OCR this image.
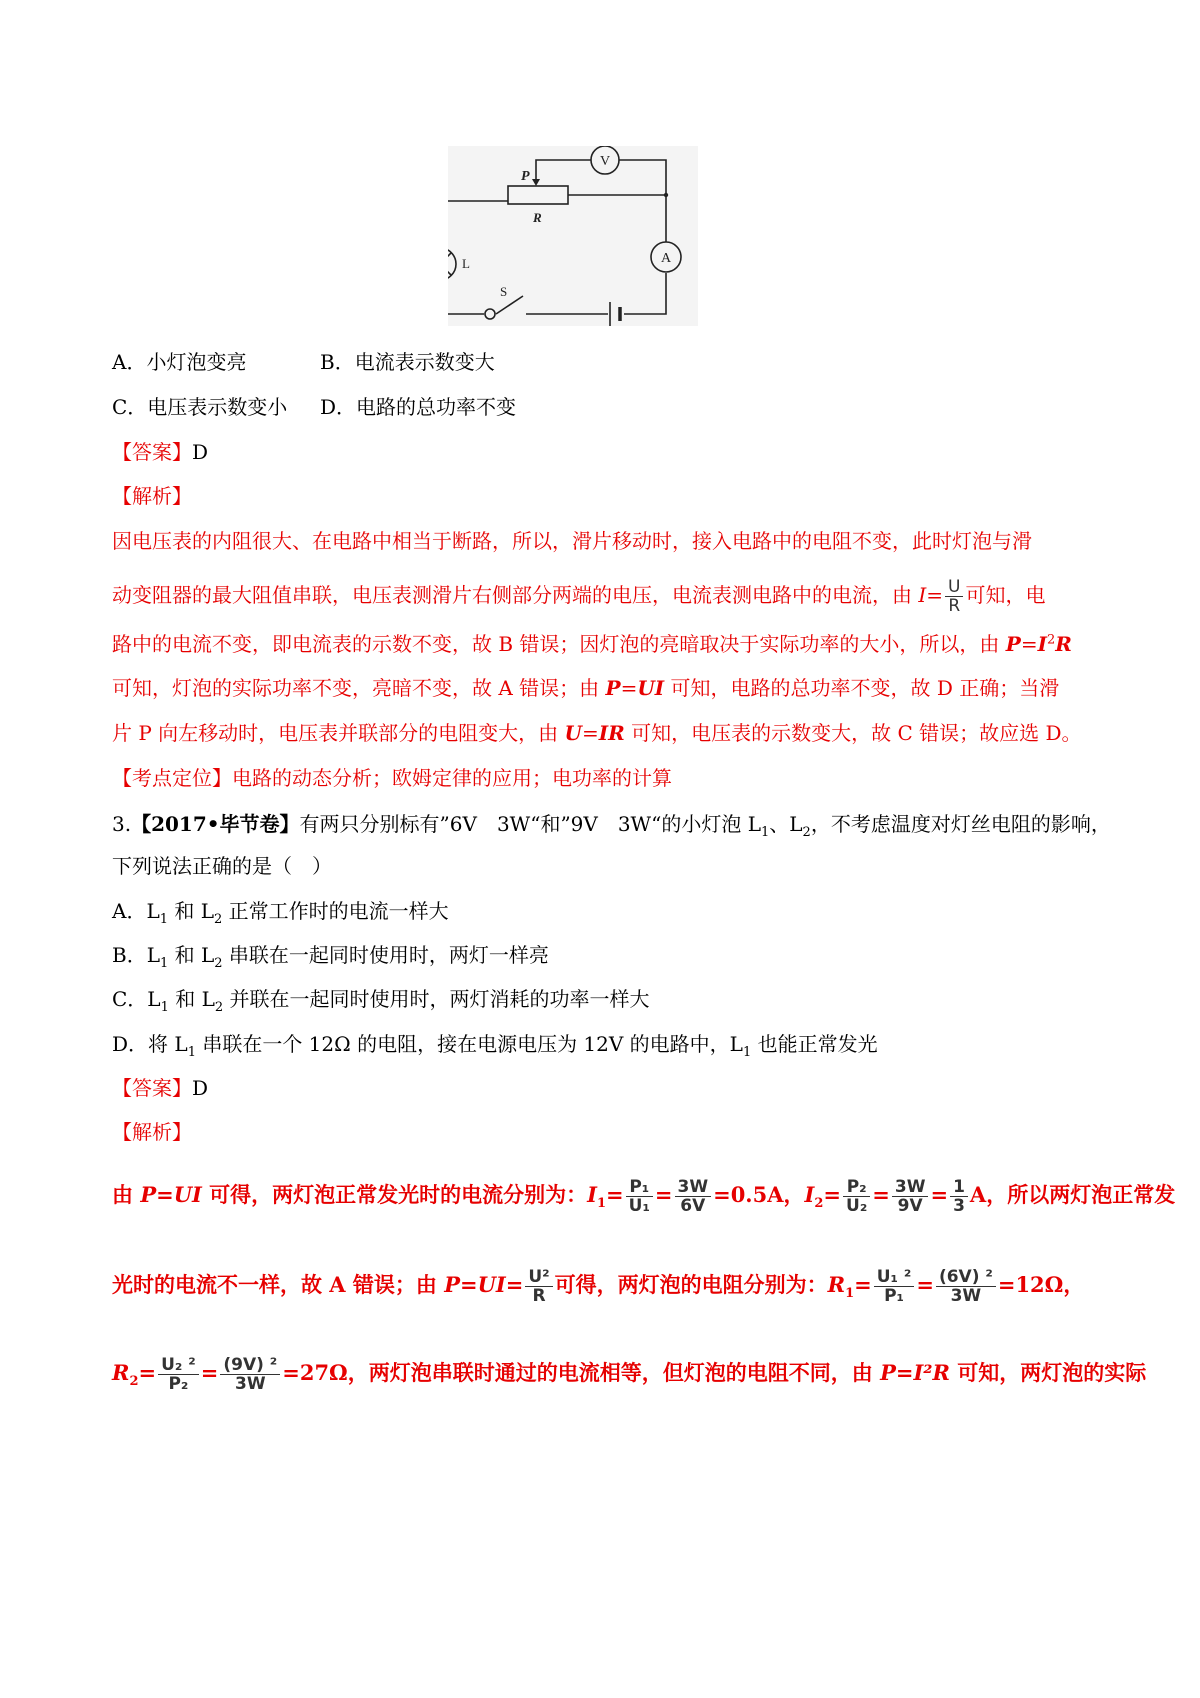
V
A
L
S
P
R
A．小灯泡变亮	B．电流表示数变大
C．电压表示数变小 D．电路的总功率不变
【答案】D
【解析】
因电压表的内阻很大、在电路中相当于断路，所以，滑片移动时，接入电路中的电阻不变，此时灯泡与滑
动变阻器的最大阻值串联，电压表测滑片右侧部分两端的电压，电流表测电路中的电流，由 $I= \frac{U}{R}$ 可知，电
路中的电流不变，即电流表的示数不变，故 B 错误；因灯泡的亮暗取决于实际功率的大小，所以，由 $P=I^2R$
可知，灯泡的实际功率不变，亮暗不变，故 A 错误；由 P=UI 可知，电路的总功率不变，故 D 正确；当滑
片 P 向左移动时，电压表并联部分的电阻变大，由 U=IR 可知，电压表的示数变大，故 C 错误；故应选 D。
【考点定位】电路的动态分析；欧姆定律的应用；电功率的计算
3.【2017•毕节卷】有两只分别标有”6V　3W“和”9V　3W“的小灯泡 $L_1$、$L_2$，不考虑温度对灯丝电阻的影响，
下列说法正确的是（　）
A．$L_1$ 和 $L_2$ 正常工作时的电流一样大
B．$L_1$ 和 $L_2$ 串联在一起同时使用时，两灯一样亮
C．$L_1$ 和 $L_2$ 并联在一起同时使用时，两灯消耗的功率一样大
D．将 $L_1$ 串联在一个 12Ω 的电阻，接在电源电压为 12V 的电路中，$L_1$ 也能正常发光
【答案】D
【解析】
由 P=UI 可得，两灯泡正常发光时的电流分别为：$I_1= \frac{\text{P₁}}{\text{U₁}} = \frac{3W}{6V} =0.5A$，$I_2= \frac{\text{P₂}}{\text{U₂}} = \frac{3W}{9V} = \frac{1}{3}$ A，所以两灯泡正常发
光时的电流不一样，故 A 错误；由 $P=UI= \frac{\text{U²}}{R}$ 可得，两灯泡的电阻分别为：$R_1= \frac{\text{U₁ ²}}{\text{P₁}} = \frac{\text{(6V) ²}}{3W} =12\Omega$，
$R_2= \frac{\text{U₂ ²}}{\text{P₂}} = \frac{\text{(9V) ²}}{3W} =27\Omega$，两灯泡串联时通过的电流相等，但灯泡的电阻不同，由 P=I²R 可知，两灯泡的实际
